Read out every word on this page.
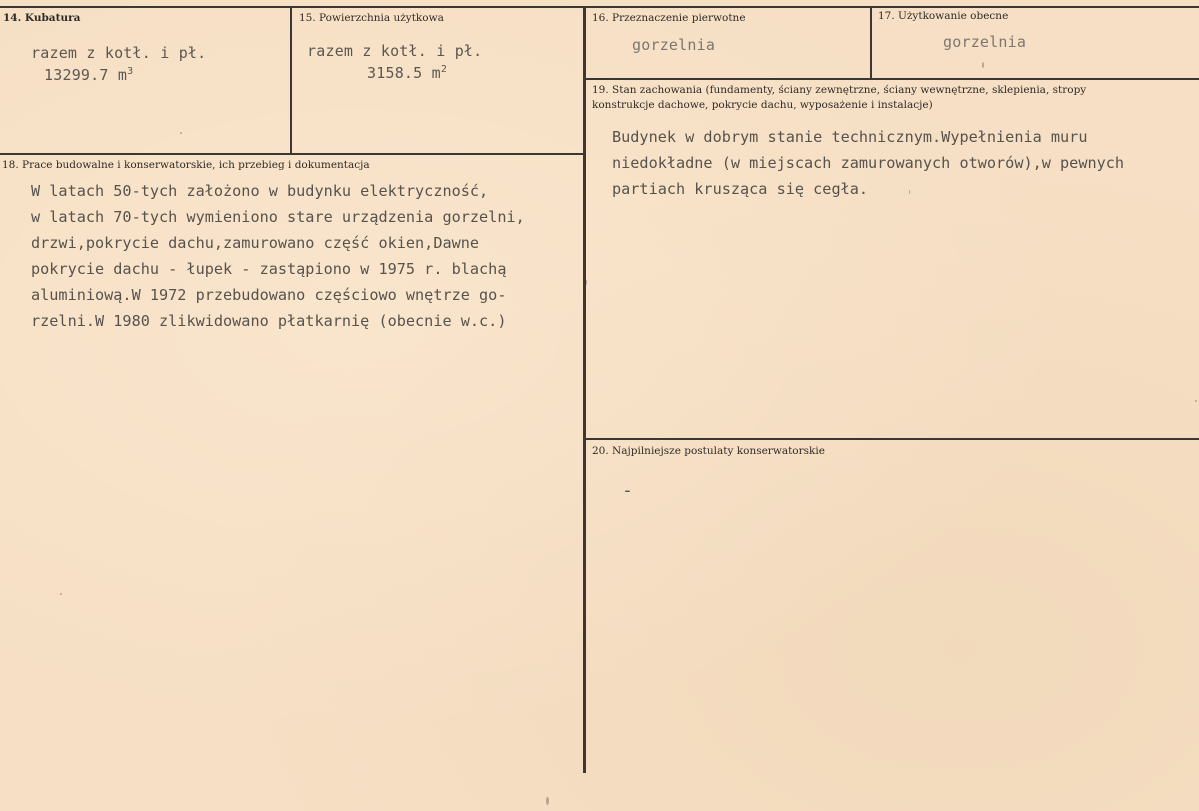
14. Kubatura
razem z kotł. i pł.
13299.7 $m^3$
15. Powierzchnia użytkowa
razem z kotł. i pł.
3158.5 $m^2$
16. Przeznaczenie pierwotne
gorzelnia
17. Użytkowanie obecne
gorzelnia
19. Stan zachowania (fundamenty, ściany zewnętrzne, ściany wewnętrzne, sklepienia, stropy
konstrukcje dachowe, pokrycie dachu, wyposażenie i instalacje)
Budynek w dobrym stanie technicznym.Wypełnienia muru
niedokładne (w miejscach zamurowanych otworów),w pewnych
partiach krusząca się cegła.
18. Prace budowalne i konserwatorskie, ich przebieg i dokumentacja
W latach 50-tych założono w budynku elektryczność,
w latach 70-tych wymieniono stare urządzenia gorzelni,
drzwi,pokrycie dachu,zamurowano część okien,Dawne
pokrycie dachu - łupek - zastąpiono w 1975 r. blachą
aluminiową.W 1972 przebudowano częściowo wnętrze go-
rzelni.W 1980 zlikwidowano płatkarnię (obecnie w.c.)
20. Najpilniejsze postulaty konserwatorskie
-
